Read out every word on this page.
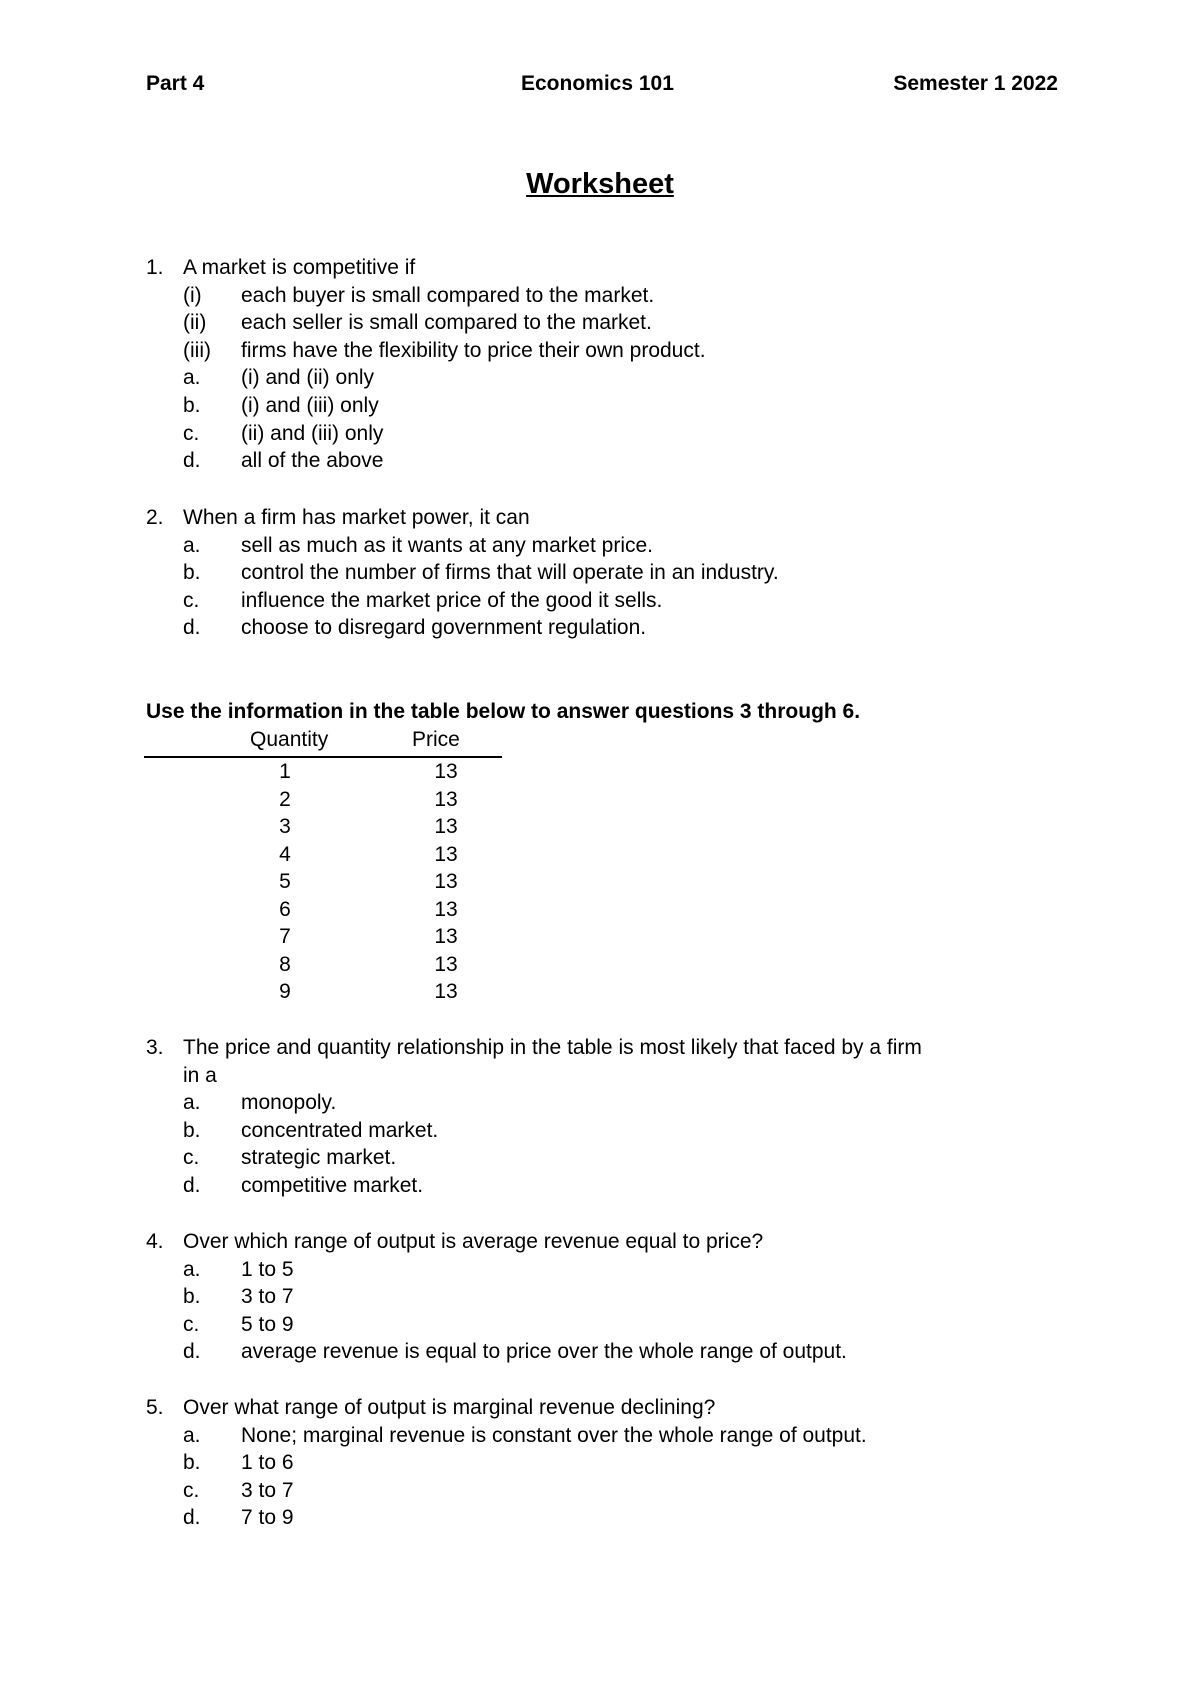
Part 4	Economics 101	Semester 1 2022
Worksheet
1. A market is competitive if
(i) each buyer is small compared to the market.
(ii) each seller is small compared to the market.
(iii) firms have the flexibility to price their own product.
a. (i) and (ii) only
b. (i) and (iii) only
c. (ii) and (iii) only
d. all of the above
2. When a firm has market power, it can
a. sell as much as it wants at any market price.
b. control the number of firms that will operate in an industry.
c. influence the market price of the good it sells.
d. choose to disregard government regulation.
Use the information in the table below to answer questions 3 through 6.
Quantity	Price
1	13
2	13
3	13
4	13
5	13
6	13
7	13
8	13
9	13
3. The price and quantity relationship in the table is most likely that faced by a firm
in a
a. monopoly.
b. concentrated market.
c. strategic market.
d. competitive market.
4. Over which range of output is average revenue equal to price?
a. 1 to 5
b. 3 to 7
c. 5 to 9
d. average revenue is equal to price over the whole range of output.
5. Over what range of output is marginal revenue declining?
a. None; marginal revenue is constant over the whole range of output.
b. 1 to 6
c. 3 to 7
d. 7 to 9
